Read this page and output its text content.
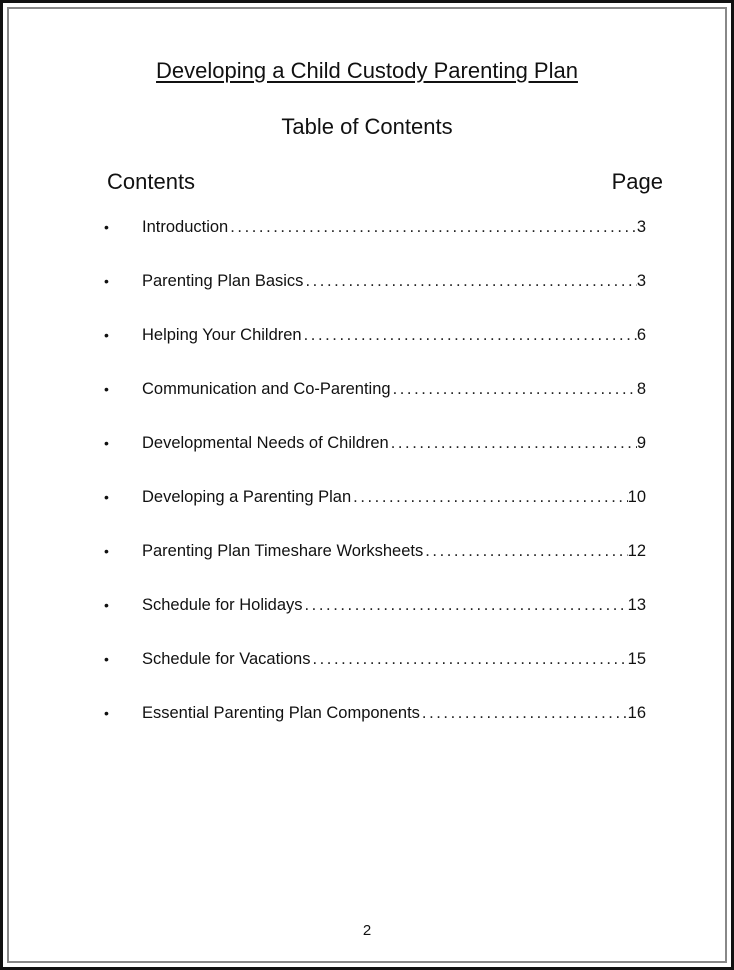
Developing a Child Custody Parenting Plan
Table of Contents
Contents	Page
•	Introduction . . .	3
•	Parenting Plan Basics . . .	3
•	Helping Your Children . . .	6
•	Communication and Co-Parenting . . .	8
•	Developmental Needs of Children . . .	9
•	Developing a Parenting Plan . . .	10
•	Parenting Plan Timeshare Worksheets . . .	12
•	Schedule for Holidays . . .	13
•	Schedule for Vacations . . .	15
•	Essential Parenting Plan Components . . .	16
2
